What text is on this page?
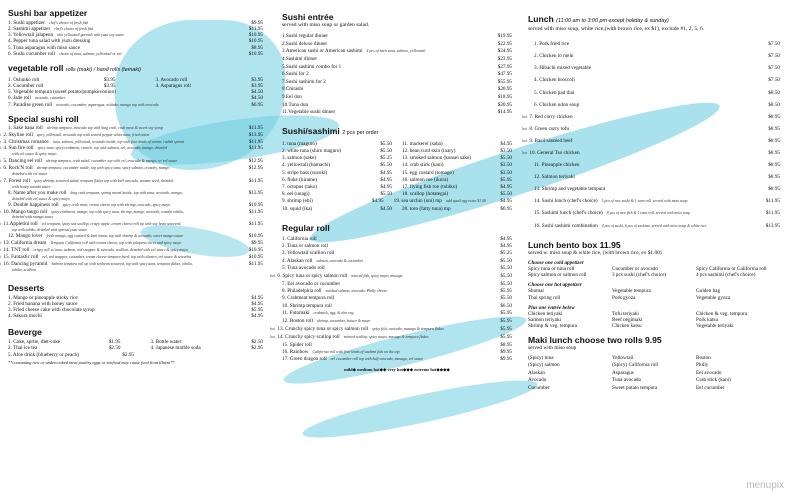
Sushi bar appetizer
1. Sushi appetizer chef's choice of fresh fish	$9.95
2. Sashimi appetizer chef's choice of fresh fish	$11.95
3. Yellowtail jalapeno thin yellowtail garnish with yuzu soy sauce	$10.95
4. Pepper tuna salad with yuzu dressing	$10.95
5. Tuna asparagus with miso sauce	$8.95
6. Sushi cucumber roll choice of tuna, salmon, yellowtail or eel	$10.95
vegetable roll rolls (maki) / hand rolls (temaki)
1. Oshinko roll	$3.95	3. Avocado roll	$3.95
2. Cucumber roll	$3.95	4. Asparagus roll	$3.95
5. Vegetable tempura (sweet potato/pumpkin/onion)	$4.50
6. Jade roll avocado, cucumber	$4.50
7. Paradise green roll avocado, cucumber, asparagus, oshinko, mango top with avocado	$6.95
Special sushi roll
1. Sake bana roll shrimp tempura, avocado top with king crab, crab meat & sweet soy syrup	$11.95
2. Skyline roll spicy yellowtail, avocado top with seared pepper white tuna, fried onion	$13.95
3. Christmas romance tuna, salmon, yellowtail, avocado inside, top with four kinds of caviar, radish sprout	$11.95
4. Sun fire roll spicy tuna, spicy crabmeat, crunch, top with salmon, eel, avocado, mango, drizzled	$11.95
with eel sauce & spicy mayo
5. Dancing eel roll shrimp tempura, crab salad, cucumber top with eel, avocado & mango, w/ eel sauce	$12.95
6. Rock'N roll shrimp tempura, cucumber inside, top with spicy tuna, spicy salmon, crunchy, mango	$12.95
drizzled with eel sauce
7. Forest roll spicy shrimp, seaweed salad, tempura flakes top with bell avocado, sesame seed, drizzled	$11.95
with honey wasabi sauce
8. Name after you make roll king crab tempura, spring mixed inside, top with tuna, avocado, mango,	$13.95
drizzled with eel sauce & spicy mayo
9. Double happiness roll spicy crab meat, cream cheese top with shrimp, avocado, spicy mayo	$10.95
10. Mango tango roll spicy crabmeat, mango, top with spicy tuna, shrimp, mango, avocado, wasabi tobiko,	$11.95
drizzled with mango sauce
11.Appletini roll eel tempura, spicy sea scallop, crispy apple, cream cheese roll up with soy bean seaweed,	$11.95
top with tobiko, drizzled with special yuzu sauce
12. Mango lover fresh mango, egg custard & kani kama, top with shrimp & avocado, sweet mango sauce	$10.95
13. California dream Tempura California roll with cream cheese, top with jalapeno slices and spicy mayo	$9.95
14. TNT roll crispy roll w/ tuna, salmon, red snapper & avocado, scallion, drizzled with eel sauce & spicy mayo	$10.95
15. Fantastic roll eel, red snapper, cucumber, cream cheese tempura fried, top with cilantro, eel sauce & sriracha	$10.95
16. Dancing pyramid Salmon tempura roll up with soybean seaweed, top with spicy tuna, tempura flakes, tobiko,	$11.95
tobiko, scallion
Desserts
1. Mango or pineapple sticky rice	$4.95
2. Fried banana with honey sauce	$4.95
3. Fried cheese cake with chocolate syrup	$5.95
4. Sakura mochi	$4.95
Beverge
1. Coke, sprite, diet-coke	$1.95	3. Bottle water	$2.50
2. Thai ice tea	$2.50	4. Japanese marble soda	$2.95
5. Aloe drink (blueberry or peach)	$2.95
**consuming raw or undercooked meat poultry eggs or seafood may cause food from illness**
Sushi entrée
served with miso soup or garden salad.
1.Sushi regular dinner	$19.95
2.Sushi deluxe dinner	$22.95
3.American sushi or American sashimi 4 pcs of each tuna, salmon, yellowtail	$24.95
4.Sashimi dinner	$23.95
5.Sushi sashimi combo for 1	$27.95
6.Sushi for 2	$47.95
7.Sushi sashimi for 2	$55.95
8.Chirashi	$20.95
9.Eel don	$18.95
10.Tuna don	$20.95
11.Vegetable sushi dinner	$14.95
Sushi/sashimi 2 pcs per order
1. tuna (maguro)	$5.50 11. mackerel (saba)	$4.95
2. white tuna (shiro maguro)	$5.50 12. bean curd skin (inary)	$3.50
3. salmon (sake)	$5.25 13. smoked salmon (kunsei sake)	$5.50
4. yellowtail (hamachi)	$5.50 14. crab stick (kani)	$3.50
5. stripe bass (suzuki)	$4.95 15. egg custard (tomago)	$3.50
6. fluke (hirame)	$4.95 16. salmon roe (ikura)	$5.95
7. octopus (tako)	$4.95 17. flying fish roe (tobiko)	$4.95
8. eel (unagi)	$5.50 18. scallop (hotategai)	$5.50
9. shrimp (ebi)	$4.95 19. sea urchin (uni) mp add quail egg extra $1.00	$4.95
10. squid (ika)	$4.50 20. toro (fatty tuna) mp	$6.95
Regular roll
1. California roll	$4.95
2. Tuna or salmon roll	$4.95
3. Yellowtail scallion roll	$5.25
4. Alaskan roll salmon, avocado & cucumber	$5.50
5. Tuna avocado roll	$5.50
hot 6. Spicy tuna or spicy salmon roll minced fish, spicy mayo, masago	$5.50
7. Eel avocado or cucumber	$5.50
8. Philadelphia roll smoked salmon, avocado, Philly cheese	$5.95
9. Crabmeat tempura roll	$5.50
10. Shrimp tempura roll	$6.50
11. Futomaki crabstick, egg, & oba veg.	$5.95
12. Boston roll shrimp, cucumber, lettuce & mayo	$5.95
hot 13. Crunchy spicy tuna or spicy salmon roll spicy fish, avocado, masago & tempura flakes	$5.95
hot 14. Crunchy spicy scallop roll minced scallop, spicy mayo, masago & tempura flakes	$5.95
15. Spider roll	$8.95
16. Rainbow California roll with four kinds of sashimi fish on the top	$9.95
17. Green dragon roll eel cucumber roll top with half avocado, masago, eel sauce	$9.95
mild◆ medium hot◆◆ very hot◆◆◆ extreme hot◆◆◆◆
Lunch (11:00 am to 3:00 pm except holiday & sunday)
served with miso soup, white rice,(with brown rice, ex $1), exclude #1, 2, 5, 6.
1. Pork fried rice	$7.50
2. Chicken lo mein	$7.50
3. Hibachi mixed vegetable	$7.50
4. Chicken broccoli	$7.50
5. Chicken pad thai	$8.50
6. Chicken udon soup	$8.50
hot 7. Red curry chicken	$8.95
hot 8. Green curry tofu	$8.95
hot 9. Basil sautéed beef	$8.95
hot 10. General Tso chicken	$8.95
11. Pineapple chicken	$8.95
12. Salmon teriyaki	$8.95
13. Shrimp and vegetable tempura	$8.95
14. Sushi lunch (chef's choice) 5 pcs of raw sushi & 1 tuna roll, served with miso soup	$11.95
15. Sashimi lunch (chef's choice) 8 pcs of raw fish & 1 tuna roll, served with miso soup	$11.95
16. Sushi sashimi combination 4 pcs of sushi, 6 pcs of sashimi, served with miso soup & white rice	$13.95
Lunch bento box 11.95
served w. miso soup & white rice, (with brown rice, ex $1.00)
Choose one cold appetizer
Spicy tuna or tuna roll	Cucumber or avocado	Spicy California or California roll
Spicy salmon or salmon roll	3 pcs sushi (chef's choice)	4 pcs sashimi (chef's choice)
Choose one hot appetizer
Shumai	Vegetable tempura	Golden bag
Thai spring roll	Pork gyoza	Vegetable gyoza
Plus one entrée below
Chicken teriyaki	Tofu teriyaki	Chicken & veg. tempura
Salmon teriyaki	Beef negimaki	Pork katsu
Shrimp & veg. tempura	Chicken katsu	Vegetable teriyaki
Maki lunch choose two rolls 9.95
served with miso soup
(Spicy) tuna	Yellowtail	Boston
(Spicy) salmon	(Spicy) California roll	Philly
Alaskan	Asparagus	Eel avocado
Avocado	Tuna avocado	Crab stick (kani)
Cucumber	Sweet potato tempura	Eel cucumber
menupix
